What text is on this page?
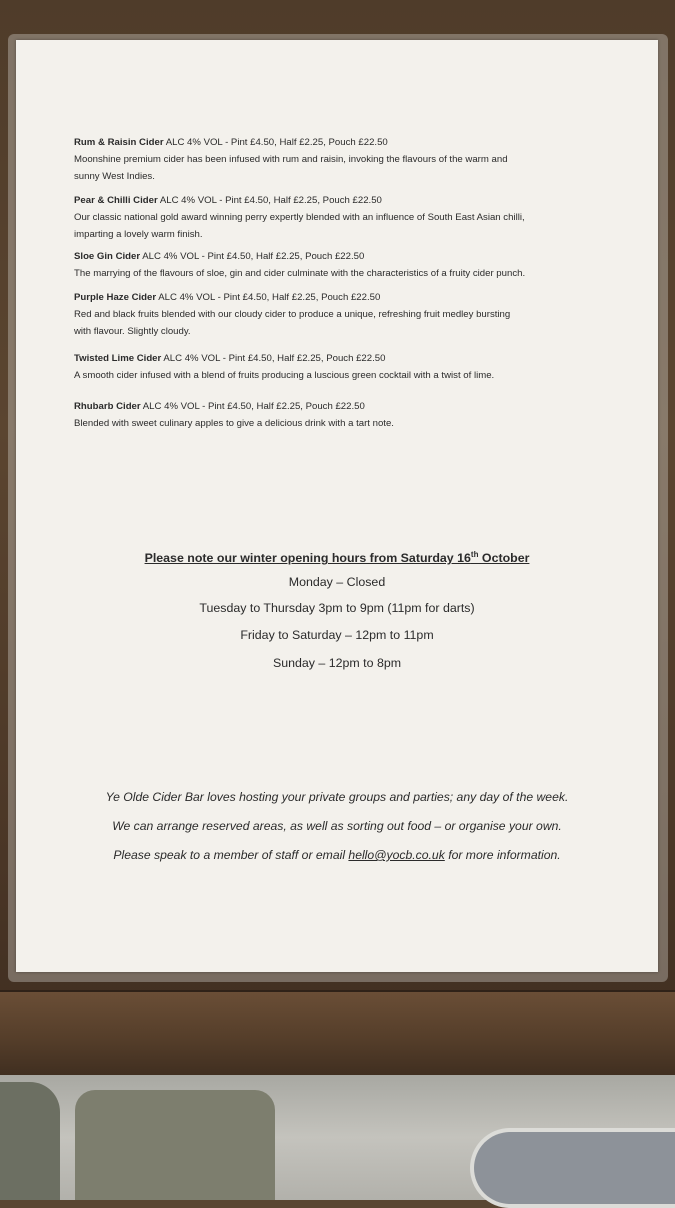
Rum & Raisin Cider ALC 4% VOL - Pint £4.50, Half £2.25, Pouch £22.50
Moonshine premium cider has been infused with rum and raisin, invoking the flavours of the warm and
sunny West Indies.
Pear & Chilli Cider ALC 4% VOL - Pint £4.50, Half £2.25, Pouch £22.50
Our classic national gold award winning perry expertly blended with an influence of South East Asian chilli,
imparting a lovely warm finish.
Sloe Gin Cider ALC 4% VOL - Pint £4.50, Half £2.25, Pouch £22.50
The marrying of the flavours of sloe, gin and cider culminate with the characteristics of a fruity cider punch.
Purple Haze Cider ALC 4% VOL - Pint £4.50, Half £2.25, Pouch £22.50
Red and black fruits blended with our cloudy cider to produce a unique, refreshing fruit medley bursting
with flavour. Slightly cloudy.
Twisted Lime Cider ALC 4% VOL - Pint £4.50, Half £2.25, Pouch £22.50
A smooth cider infused with a blend of fruits producing a luscious green cocktail with a twist of lime.
Rhubarb Cider ALC 4% VOL - Pint £4.50, Half £2.25, Pouch £22.50
Blended with sweet culinary apples to give a delicious drink with a tart note.
Please note our winter opening hours from Saturday 16th October
Monday – Closed
Tuesday to Thursday 3pm to 9pm (11pm for darts)
Friday to Saturday – 12pm to 11pm
Sunday – 12pm to 8pm
Ye Olde Cider Bar loves hosting your private groups and parties; any day of the week.
We can arrange reserved areas, as well as sorting out food – or organise your own.
Please speak to a member of staff or email hello@yocb.co.uk for more information.
